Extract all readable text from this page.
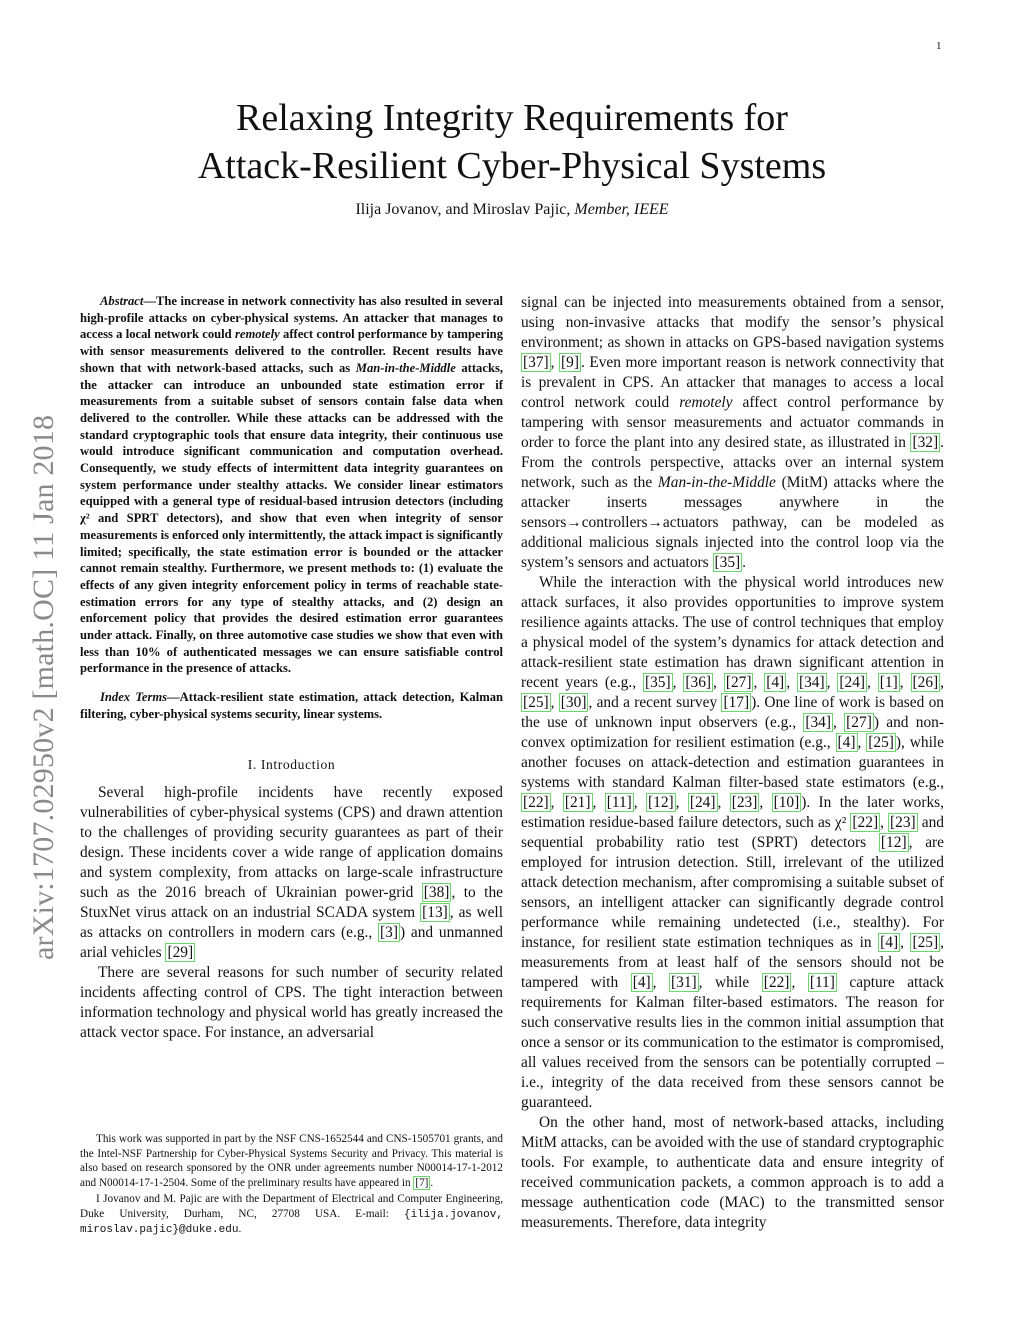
1
arXiv:1707.02950v2 [math.OC] 11 Jan 2018
Relaxing Integrity Requirements for
Attack-Resilient Cyber-Physical Systems
Ilija Jovanov, and Miroslav Pajic, Member, IEEE

Abstract—The increase in network connectivity has also resulted in several high-profile attacks on cyber-physical systems. An attacker that manages to access a local network could remotely affect control performance by tampering with sensor measurements delivered to the controller. Recent results have shown that with network-based attacks, such as Man-in-the-Middle attacks, the attacker can introduce an unbounded state estimation error if measurements from a suitable subset of sensors contain false data when delivered to the controller. While these attacks can be addressed with the standard cryptographic tools that ensure data integrity, their continuous use would introduce significant communication and computation overhead. Consequently, we study effects of intermittent data integrity guarantees on system performance under stealthy attacks. We consider linear estimators equipped with a general type of residual-based intrusion detectors (including χ² and SPRT detectors), and show that even when integrity of sensor measurements is enforced only intermittently, the attack impact is significantly limited; specifically, the state estimation error is bounded or the attacker cannot remain stealthy. Furthermore, we present methods to: (1) evaluate the effects of any given integrity enforcement policy in terms of reachable state-estimation errors for any type of stealthy attacks, and (2) design an enforcement policy that provides the desired estimation error guarantees under attack. Finally, on three automotive case studies we show that even with less than 10% of authenticated messages we can ensure satisfiable control performance in the presence of attacks.

Index Terms—Attack-resilient state estimation, attack detection, Kalman filtering, cyber-physical systems security, linear systems.

I. Introduction

Several high-profile incidents have recently exposed vulnerabilities of cyber-physical systems (CPS) and drawn attention to the challenges of providing security guarantees as part of their design. These incidents cover a wide range of application domains and system complexity, from attacks on large-scale infrastructure such as the 2016 breach of Ukrainian power-grid [38] , to the StuxNet virus attack on an industrial SCADA system [13] , as well as attacks on controllers in modern cars (e.g., [3] ) and unmanned arial vehicles [29]

There are several reasons for such number of security related incidents affecting control of CPS. The tight interaction between information technology and physical world has greatly increased the attack vector space. For instance, an adversarial

This work was supported in part by the NSF CNS-1652544 and CNS-1505701 grants, and the Intel-NSF Partnership for Cyber-Physical Systems Security and Privacy. This material is also based on research sponsored by the ONR under agreements number N00014-17-1-2012 and N00014-17-1-2504. Some of the preliminary results have appeared in [7] .

I Jovanov and M. Pajic are with the Department of Electrical and Computer Engineering, Duke University, Durham, NC, 27708 USA. E-mail: {ilija.jovanov, miroslav.pajic}@duke.edu.

signal can be injected into measurements obtained from a sensor, using non-invasive attacks that modify the sensor’s physical environment; as shown in attacks on GPS-based navigation systems [37] , [9] . Even more important reason is network connectivity that is prevalent in CPS. An attacker that manages to access a local control network could remotely affect control performance by tampering with sensor measurements and actuator commands in order to force the plant into any desired state, as illustrated in [32] . From the controls perspective, attacks over an internal system network, such as the Man-in-the-Middle (MitM) attacks where the attacker inserts messages anywhere in the sensors→controllers→actuators pathway, can be modeled as additional malicious signals injected into the control loop via the system’s sensors and actuators [35] .

While the interaction with the physical world introduces new attack surfaces, it also provides opportunities to improve system resilience againts attacks. The use of control techniques that employ a physical model of the system’s dynamics for attack detection and attack-resilient state estimation has drawn significant attention in recent years (e.g., [35] , [36] , [27] , [4] , [34] , [24] , [1] , [26] , [25] , [30] , and a recent survey [17] ). One line of work is based on the use of unknown input observers (e.g., [34] , [27] ) and non-convex optimization for resilient estimation (e.g., [4] , [25] ), while another focuses on attack-detection and estimation guarantees in systems with standard Kalman filter-based state estimators (e.g., [22] , [21] , [11] , [12] , [24] , [23] , [10] ). In the later works, estimation residue-based failure detectors, such as χ² [22] , [23] and sequential probability ratio test (SPRT) detectors [12] , are employed for intrusion detection. Still, irrelevant of the utilized attack detection mechanism, after compromising a suitable subset of sensors, an intelligent attacker can significantly degrade control performance while remaining undetected (i.e., stealthy). For instance, for resilient state estimation techniques as in [4] , [25] , measurements from at least half of the sensors should not be tampered with [4] , [31] , while [22] , [11] capture attack requirements for Kalman filter-based estimators. The reason for such conservative results lies in the common initial assumption that once a sensor or its communication to the estimator is compromised, all values received from the sensors can be potentially corrupted – i.e., integrity of the data received from these sensors cannot be guaranteed.

On the other hand, most of network-based attacks, including MitM attacks, can be avoided with the use of standard cryptographic tools. For example, to authenticate data and ensure integrity of received communication packets, a common approach is to add a message authentication code (MAC) to the transmitted sensor measurements. Therefore, data integrity
